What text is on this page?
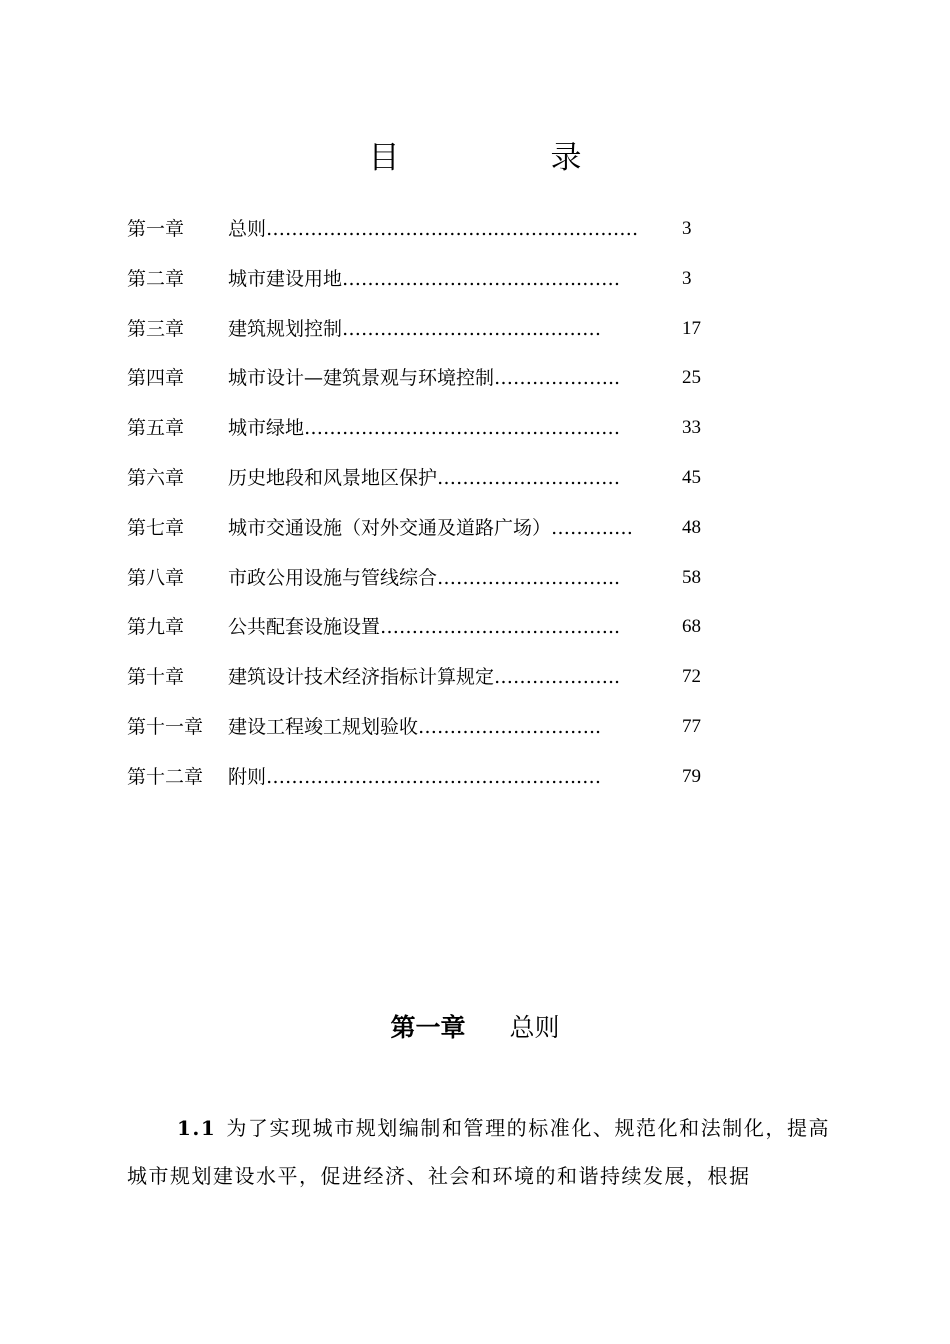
目　录
第一章 总则………………………..……..………….……… 3
第二章 城市建设用地………………………………..……	3
第三章 建筑规划控制…………………………..………	17
第四章 城市设计—建筑景观与环境控制………………..	25
第五章 城市绿地………………………………………..…	33
第六章 历史地段和风景地区保护…………………..……	45
第七章 城市交通设施（对外交通及道路广场）……….…	48
第八章 市政公用设施与管线综合………………………..	58
第九章 公共配套设施设置………………………………..	68
第十章 建筑设计技术经济指标计算规定………………..	72
第十一章 建设工程竣工规划验收………………………..	77
第十二章 附则…………………………………………..…	79
第一章 总则

1.1 为了实现城市规划编制和管理的标准化、规范化和法制化，提高城市规划建设水平，促进经济、社会和环境的和谐持续发展，根据
